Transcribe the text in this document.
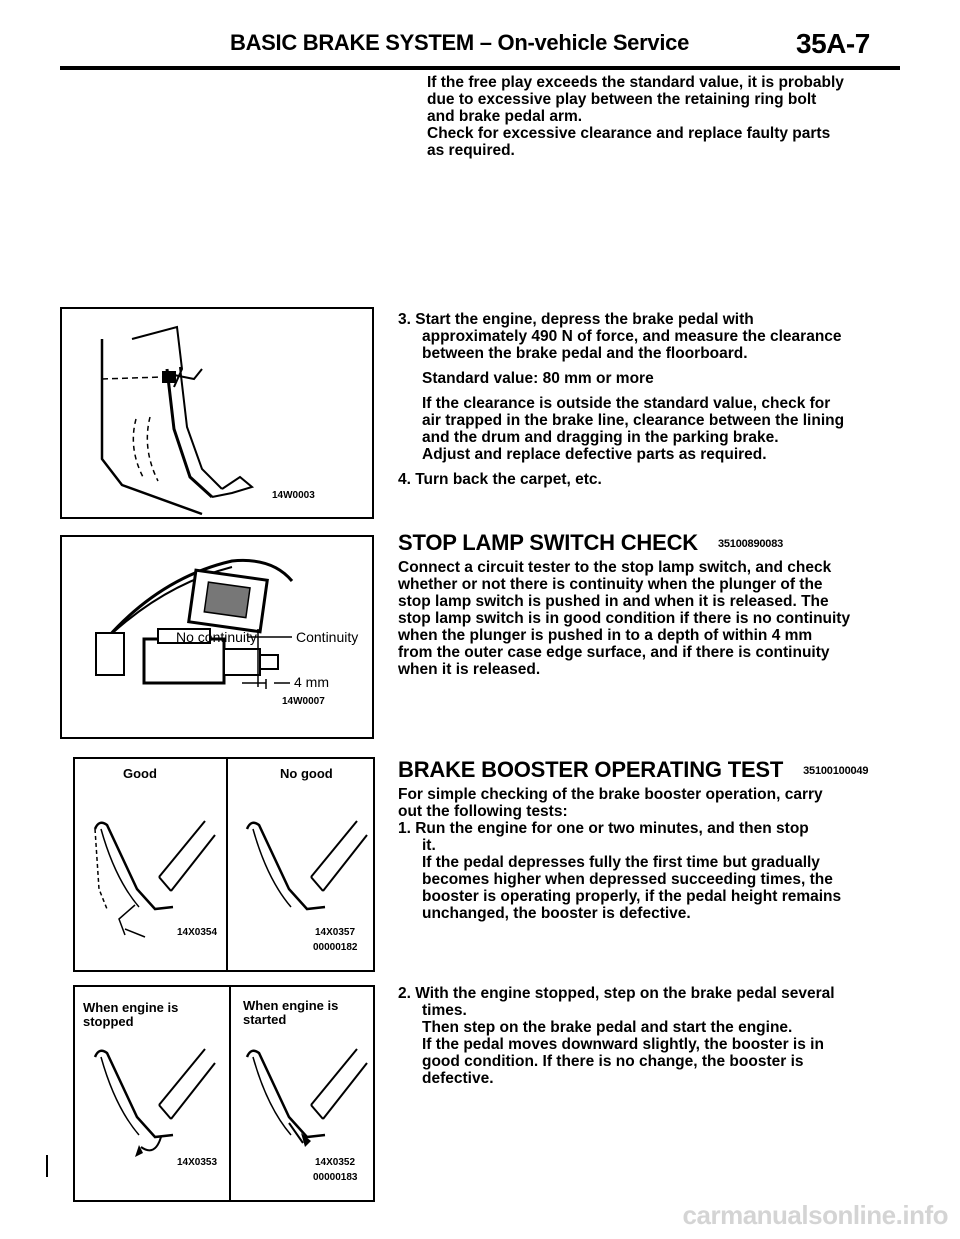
BASIC BRAKE SYSTEM – On-vehicle Service	35A-7

If the free play exceeds the standard value, it is probably

due to excessive play between the retaining ring bolt

and brake pedal arm.

Check for excessive clearance and replace faulty parts

as required.

3. Start the engine, depress the brake pedal with

approximately 490 N of force, and measure the clearance

between the brake pedal and the floorboard.

Standard value: 80 mm or more

If the clearance is outside the standard value, check for

air trapped in the brake line, clearance between the lining

and the drum and dragging in the parking brake.

Adjust and replace defective parts as required.

4. Turn back the carpet, etc.

STOP LAMP SWITCH CHECK 35100890083

Connect a circuit tester to the stop lamp switch, and check

whether or not there is continuity when the plunger of the

stop lamp switch is pushed in and when it is released. The

stop lamp switch is in good condition if there is no continuity

when the plunger is pushed in to a depth of within 4 mm

from the outer case edge surface, and if there is continuity

when it is released.

BRAKE BOOSTER OPERATING TEST 35100100049

For simple checking of the brake booster operation, carry

out the following tests:

1. Run the engine for one or two minutes, and then stop

it.

If the pedal depresses fully the first time but gradually

becomes higher when depressed succeeding times, the

booster is operating properly, if the pedal height remains

unchanged, the booster is defective.

2. With the engine stopped, step on the brake pedal several

times.

Then step on the brake pedal and start the engine.

If the pedal moves downward slightly, the booster is in

good condition. If there is no change, the booster is

defective.

14W0003
No continuity	Continuity
4 mm
14W0007
Good	No good
14X0354	14X0357
00000182
When engine is stopped
When engine is started
14X0353	14X0352
00000183
carmanualsonline.info
